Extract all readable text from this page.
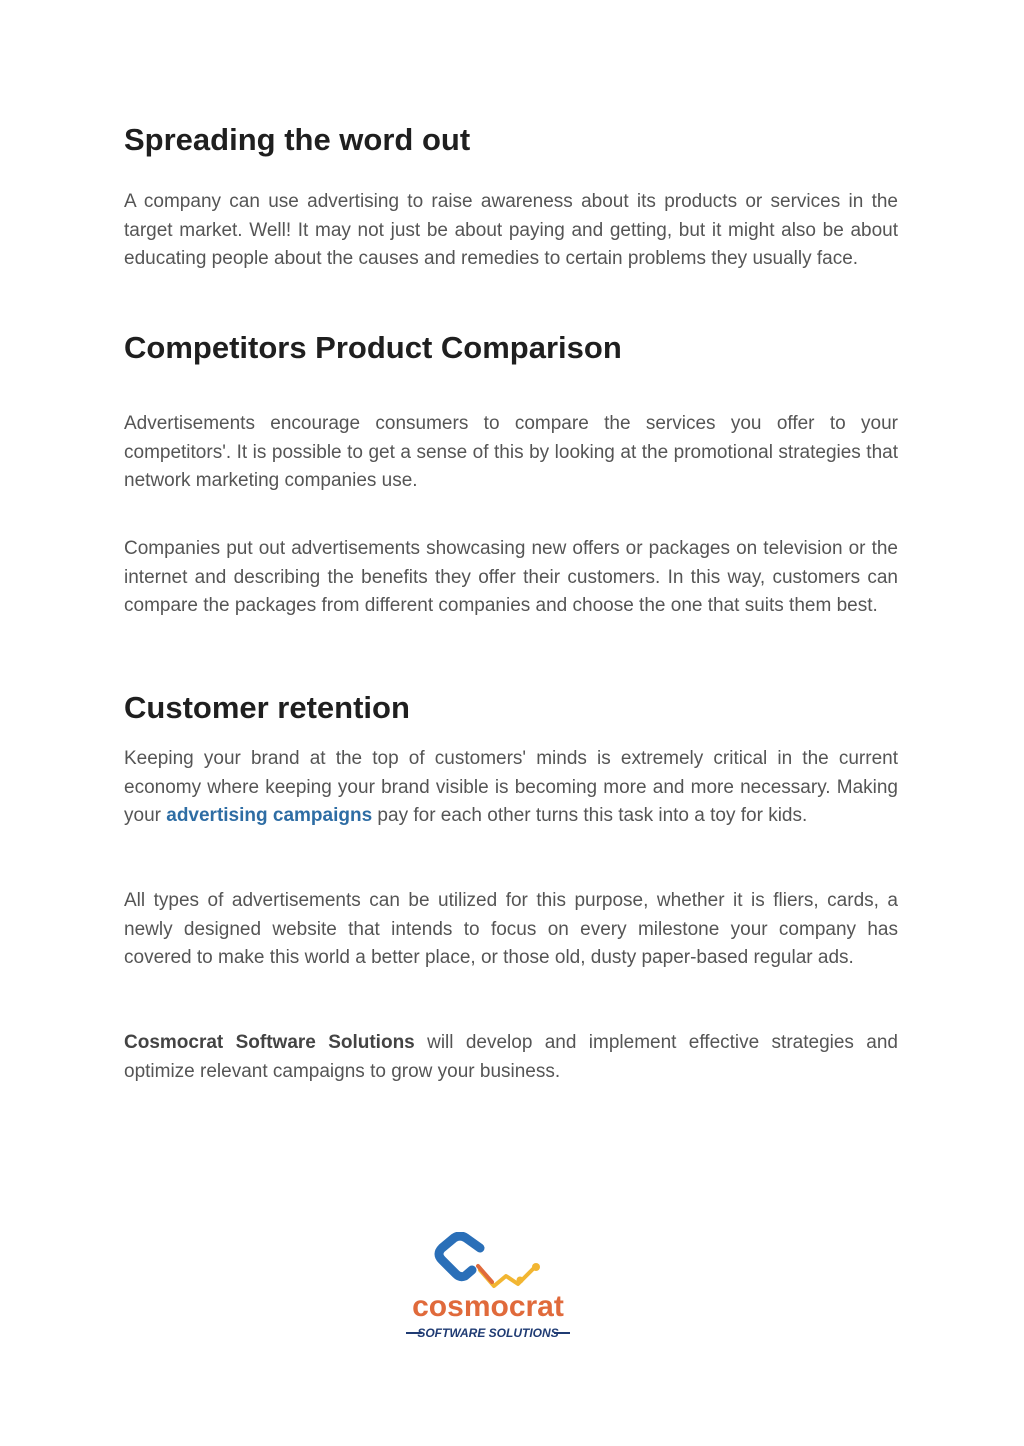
Spreading the word out

A company can use advertising to raise awareness about its products or services in the target market. Well! It may not just be about paying and getting, but it might also be about educating people about the causes and remedies to certain problems they usually face.

Competitors Product Comparison

Advertisements encourage consumers to compare the services you offer to your competitors'. It is possible to get a sense of this by looking at the promotional strategies that network marketing companies use.

Companies put out advertisements showcasing new offers or packages on television or the internet and describing the benefits they offer their customers. In this way, customers can compare the packages from different companies and choose the one that suits them best.

Customer retention

Keeping your brand at the top of customers' minds is extremely critical in the current economy where keeping your brand visible is becoming more and more necessary. Making your advertising campaigns pay for each other turns this task into a toy for kids.

All types of advertisements can be utilized for this purpose, whether it is fliers, cards, a newly designed website that intends to focus on every milestone your company has covered to make this world a better place, or those old, dusty paper-based regular ads.

Cosmocrat Software Solutions will develop and implement effective strategies and optimize relevant campaigns to grow your business.

cosmocrat
SOFTWARE SOLUTIONS
